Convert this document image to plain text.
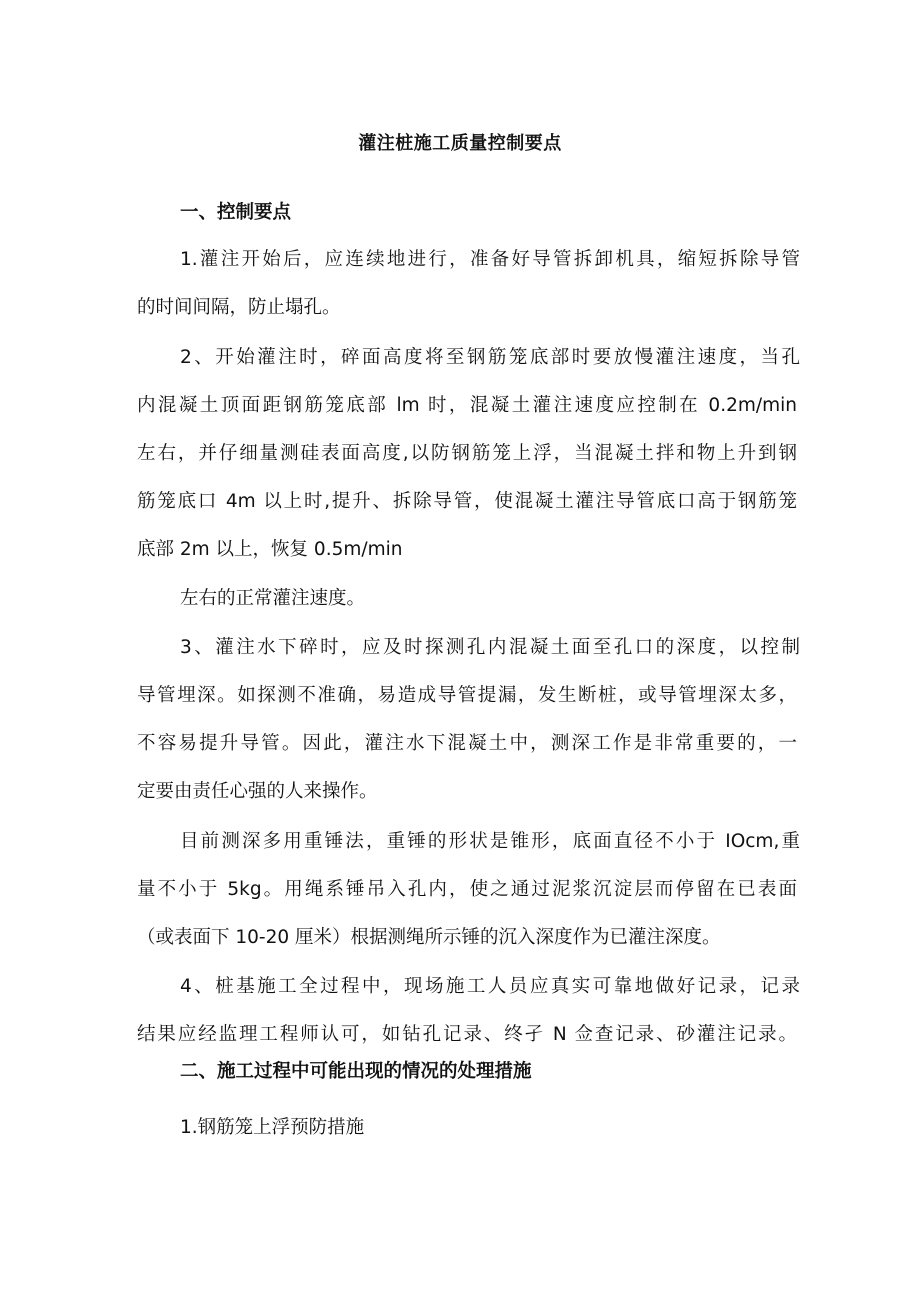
灌注桩施工质量控制要点
一、控制要点
1.灌注开始后，应连续地进行，准备好导管拆卸机具，缩短拆除导管
的时间间隔，防止塌孔。
2、开始灌注时，碎面高度将至钢筋笼底部时要放慢灌注速度，当孔
内混凝土顶面距钢筋笼底部 lm 时，混凝土灌注速度应控制在 0.2m/min
左右，并仔细量测硅表面高度,以防钢筋笼上浮，当混凝土拌和物上升到钢
筋笼底口 4m 以上时,提升、拆除导管，使混凝土灌注导管底口高于钢筋笼
底部 2m 以上，恢复 0.5m∕min
左右的正常灌注速度。
3、灌注水下碎时，应及时探测孔内混凝土面至孔口的深度，以控制
导管埋深。如探测不准确，易造成导管提漏，发生断桩，或导管埋深太多，
不容易提升导管。因此，灌注水下混凝土中，测深工作是非常重要的，一
定要由责任心强的人来操作。
目前测深多用重锤法，重锤的形状是锥形，底面直径不小于 IOcm,重
量不小于 5kg。用绳系锤吊入孔内，使之通过泥浆沉淀层而停留在已表面
（或表面下 10-20 厘米）根据测绳所示锤的沉入深度作为已灌注深度。
4、桩基施工全过程中，现场施工人员应真实可靠地做好记录，记录
结果应经监理工程师认可，如钻孔记录、终孑 N 佥查记录、砂灌注记录。
二、施工过程中可能出现的情况的处理措施
1.钢筋笼上浮预防措施
